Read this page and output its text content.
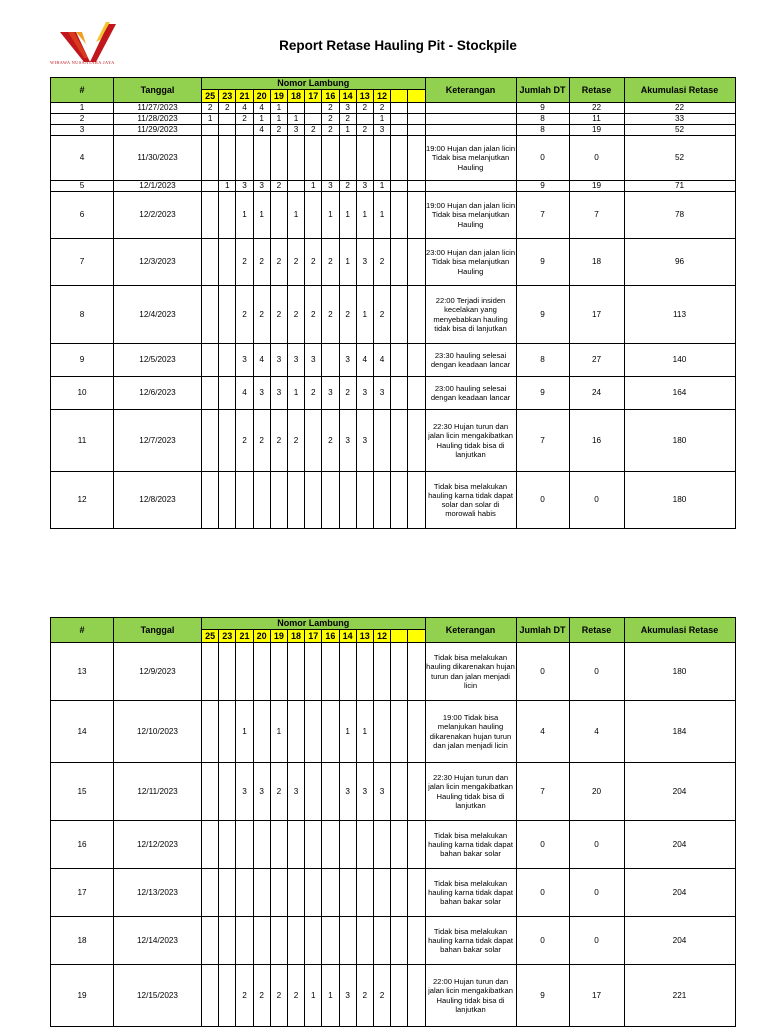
WIBAWA NUSANTARA JAYA
Report Retase Hauling Pit - Stockpile
#	Tanggal	Nomor Lambung													Keterangan	Jumlah DT	Retase	Akumulasi Retase
		25	23	21	20	19	18	17	16	14	13	12						
1	11/27/2023	2	2	4	4	1			2	3	2	2				9	22	22
2	11/28/2023	1		2	1	1	1		2	2		1				8	11	33
3	11/29/2023				4	2	3	2	2	1	2	3				8	19	52
4	11/30/2023														19:00 Hujan dan jalan licin Tidak bisa melanjutkan Hauling	0	0	52
5	12/1/2023		1	3	3	2		1	3	2	3	1				9	19	71
6	12/2/2023			1	1		1		1	1	1	1			19:00 Hujan dan jalan licin Tidak bisa melanjutkan Hauling	7	7	78
7	12/3/2023			2	2	2	2	2	2	1	3	2			23:00 Hujan dan jalan licin Tidak bisa melanjutkan Hauling	9	18	96
8	12/4/2023			2	2	2	2	2	2	2	1	2			22:00 Terjadi insiden kecelakan yang menyebabkan hauling tidak bisa di lanjutkan	9	17	113
9	12/5/2023			3	4	3	3	3		3	4	4			23:30 hauling selesai dengan keadaan lancar	8	27	140
10	12/6/2023			4	3	3	1	2	3	2	3	3			23:00 hauling selesai dengan keadaan lancar	9	24	164
11	12/7/2023			2	2	2	2		2	3	3				22:30 Hujan turun dan jalan licin mengakibatkan Hauling tidak bisa di lanjutkan	7	16	180
12	12/8/2023														Tidak bisa melakukan hauling karna tidak dapat solar dan solar di morowali habis	0	0	180
#	Tanggal	Nomor Lambung													Keterangan	Jumlah DT	Retase	Akumulasi Retase
		25	23	21	20	19	18	17	16	14	13	12						
13	12/9/2023														Tidak bisa melakukan hauling dikarenakan hujan turun dan jalan menjadi licin	0	0	180
14	12/10/2023			1		1				1	1				19:00 Tidak bisa melanjukan hauling dikarenakan hujan turun dan jalan menjadi licin	4	4	184
15	12/11/2023			3	3	2	3			3	3	3			22:30 Hujan turun dan jalan licin mengakibatkan Hauling tidak bisa di lanjutkan	7	20	204
16	12/12/2023														Tidak bisa melakukan hauling karna tidak dapat bahan bakar solar	0	0	204
17	12/13/2023														Tidak bisa melakukan hauling karna tidak dapat bahan bakar solar	0	0	204
18	12/14/2023														Tidak bisa melakukan hauling karna tidak dapat bahan bakar solar	0	0	204
19	12/15/2023			2	2	2	2	1	1	3	2	2			22:00 Hujan turun dan jalan licin mengakibatkan Hauling tidak bisa di lanjutkan	9	17	221
